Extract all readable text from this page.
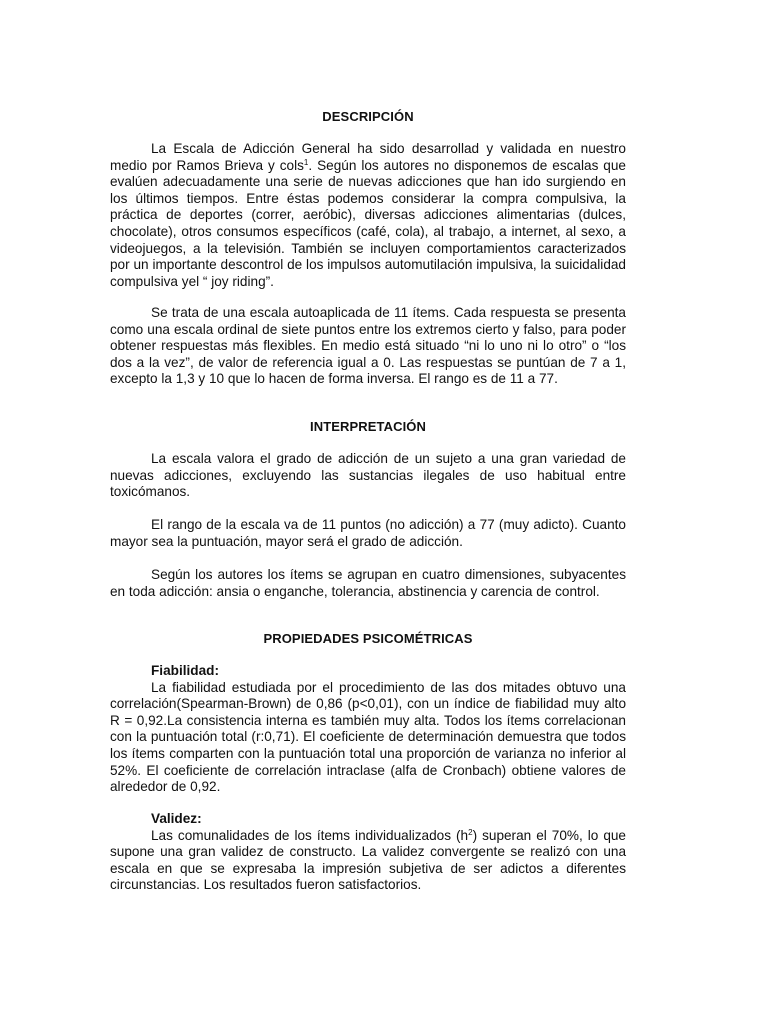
DESCRIPCIÓN

La Escala de Adicción General ha sido desarrollad y validada en nuestro medio por Ramos Brieva y cols$^1$. Según los autores no disponemos de escalas que evalúen adecuadamente una serie de nuevas adicciones que han ido surgiendo en los últimos tiempos. Entre éstas podemos considerar la compra compulsiva, la práctica de deportes (correr, aeróbic), diversas adicciones alimentarias (dulces, chocolate), otros consumos específicos (café, cola), al trabajo, a internet, al sexo, a videojuegos, a la televisión. También se incluyen comportamientos caracterizados por un importante descontrol de los impulsos automutilación impulsiva, la suicidalidad compulsiva yel “ joy riding”.

Se trata de una escala autoaplicada de 11 ítems. Cada respuesta se presenta como una escala ordinal de siete puntos entre los extremos cierto y falso, para poder obtener respuestas más flexibles. En medio está situado “ni lo uno ni lo otro” o “los dos a la vez”, de valor de referencia igual a 0. Las respuestas se puntúan de 7 a 1, excepto la 1,3 y 10 que lo hacen de forma inversa. El rango es de 11 a 77.

INTERPRETACIÓN

La escala valora el grado de adicción de un sujeto a una gran variedad de nuevas adicciones, excluyendo las sustancias ilegales de uso habitual entre toxicómanos.

El rango de la escala va de 11 puntos (no adicción) a 77 (muy adicto). Cuanto mayor sea la puntuación, mayor será el grado de adicción.

Según los autores los ítems se agrupan en cuatro dimensiones, subyacentes en toda adicción: ansia o enganche, tolerancia, abstinencia y carencia de control.

PROPIEDADES PSICOMÉTRICAS
Fiabilidad:

La fiabilidad estudiada por el procedimiento de las dos mitades obtuvo una correlación(Spearman-Brown) de 0,86 (p<0,01), con un índice de fiabilidad muy alto R = 0,92.La consistencia interna es también muy alta. Todos los ítems correlacionan con la puntuación total (r:0,71). El coeficiente de determinación demuestra que todos los ítems comparten con la puntuación total una proporción de varianza no inferior al 52%. El coeficiente de correlación intraclase (alfa de Cronbach) obtiene valores de alrededor de 0,92.

Validez:

Las comunalidades de los ítems individualizados $(h^2)$ superan el 70%, lo que supone una gran validez de constructo. La validez convergente se realizó con una escala en que se expresaba la impresión subjetiva de ser adictos a diferentes circunstancias. Los resultados fueron satisfactorios.
